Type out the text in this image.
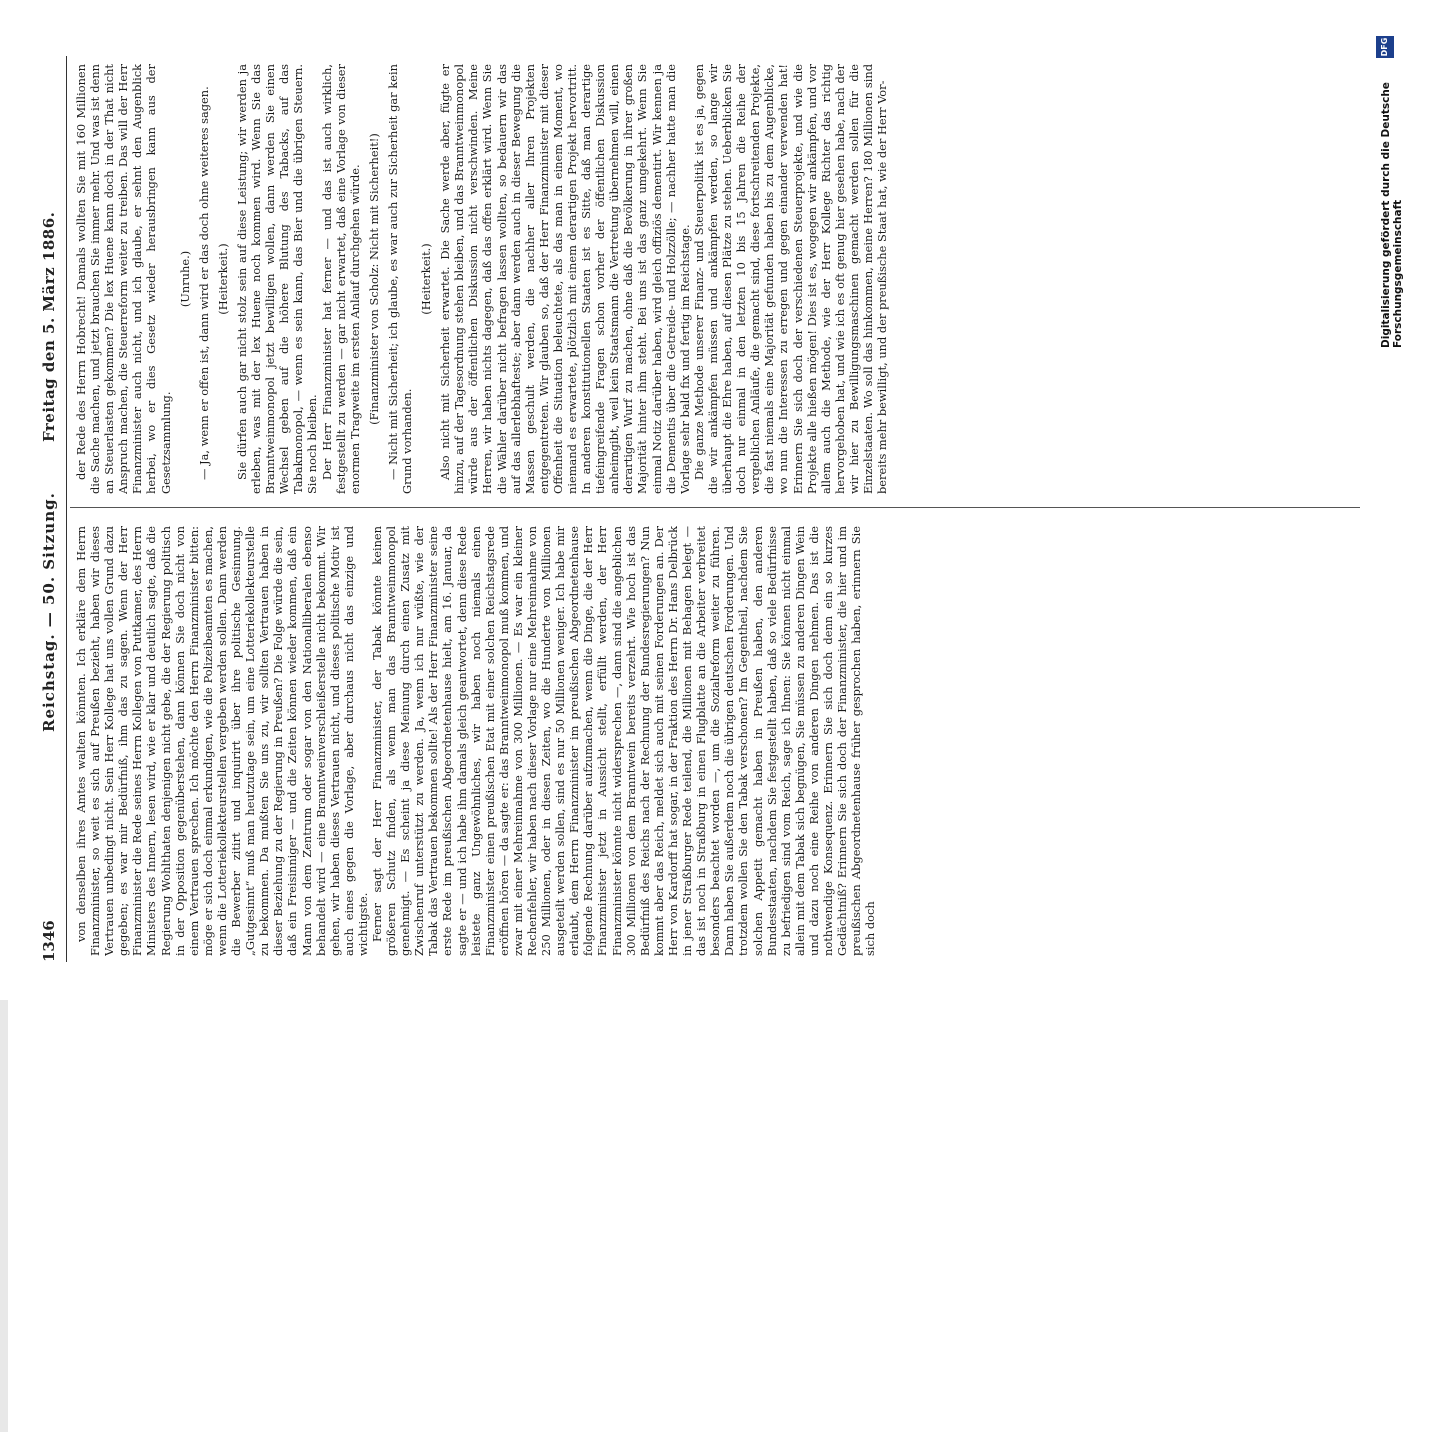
1346
Reichstag. — 50. Sitzung.
Freitag den 5. März 1886.

von denselben ihres Amtes walten könnten. Ich erkläre dem Herrn Finanzminister, so weit es sich auf Preußen bezieht, haben wir dieses Vertrauen unbedingt nicht. Sein Herr Kollege hat uns vollen Grund dazu gegeben; es war mir Bedürfniß, ihm das zu sagen. Wenn der Herr Finanzminister die Rede seines Herrn Kollegen von Puttkamer, des Herrn Ministers des Innern, lesen wird, wie er klar und deutlich sagte, daß die Regierung Wohlthaten denjenigen nicht gebe, die der Regierung politisch in der Opposition gegenüberstehen, dann können Sie doch nicht von einem Vertrauen sprechen. Ich möchte den Herrn Finanzminister bitten: möge er sich doch einmal erkundigen, wie die Polizeibeamten es machen, wenn die Lotteriekollekteurstellen vergeben werden sollen. Dann werden die Bewerber zitirt und inquirirt über ihre politische Gesinnung. „Gutgesinnt“ muß man heutzutage sein, um eine Lotteriekollekteurstelle zu bekommen. Da mußten Sie uns zu, wir sollten Vertrauen haben in dieser Beziehung zu der Regierung in Preußen? Die Folge würde die sein, daß ein Freisinniger — und die Zeiten können wieder kommen, daß ein Mann von dem Zentrum oder sogar von den Nationalliberalen ebenso behandelt wird — eine Branntweinverschleißerstelle nicht bekommt. Wir gehen, wir haben dieses Vertrauen nicht, und dieses politische Motiv ist auch eines gegen die Vorlage, aber durchaus nicht das einzige und wichtigste. Ferner sagt der Herr Finanzminister, der Tabak könnte keinen größeren Schutz finden, als wenn man das Branntweinmonopol genehmigt. — Es scheint ja diese Meinung durch einen Zusatz mit Zwischenruf unterstützt zu werden. Ja, wenn ich nur wüßte, wie der Tabak das Vertrauen bekommen sollte! Als der Herr Finanzminister seine erste Rede im preußischen Abgeordnetenhause hielt, am 16. Januar, da sagte er — und ich habe ihm damals gleich geantwortet, denn diese Rede leistete ganz Ungewöhnliches, wir haben noch niemals einen Finanzminister einen preußischen Etat mit einer solchen Reichstagsrede eröffnen hören — da sagte er: das Branntweinmonopol muß kommen, und zwar mit einer Mehreinnahme von 300 Millionen. — Es war ein kleiner Rechenfehler, wir haben nach dieser Vorlage nur eine Mehreinnahme von 250 Millionen, oder in diesen Zeiten, wo die Hunderte von Millionen ausgeteilt werden sollen, sind es nur 50 Millionen weniger. Ich habe mir erlaubt, dem Herrn Finanzminister im preußischen Abgeordnetenhause folgende Rechnung darüber aufzumachen, wenn die Dinge, die der Herr Finanzminister jetzt in Aussicht stellt, erfüllt werden, der Herr Finanzminister könnte nicht widersprechen —, dann sind die angeblichen 300 Millionen von dem Branntwein bereits verzehrt. Wie hoch ist das Bedürfniß des Reichs nach der Rechnung der Bundesregierungen? Nun kommt aber das Reich, meldet sich auch mit seinen Forderungen an. Der Herr von Kardorff hat sogar, in der Fraktion des Herrn Dr. Hans Delbrück in jener Straßburger Rede teilend, die Millionen mit Behagen belegt — das ist noch in Straßburg in einen Flugblatte an die Arbeiter verbreitet besonders beachtet worden —, um die Sozialreform weiter zu führen. Dann haben Sie außerdem noch die übrigen deutschen Forderungen. Und trotzdem wollen Sie den Tabak verschonen? Im Gegentheil, nachdem Sie solchen Appetit gemacht haben in Preußen haben, den anderen Bundesstaaten, nachdem Sie festgestellt haben, daß so viele Bedürfnisse zu befriedigen sind vom Reich, sage ich Ihnen: Sie können nicht einmal allein mit dem Tabak sich begnügen, Sie müssen zu anderen Dingen Wein und dazu noch eine Reihe von anderen Dingen nehmen. Das ist die nothwendige Konsequenz. Erinnern Sie sich doch denn ein so kurzes Gedächtniß? Erinnern Sie sich doch der Finanzminister, die hier und im preußischen Abgeordnetenhause früher gesprochen haben, erinnern Sie sich doch

der Rede des Herrn Hobrecht! Damals wollten Sie mit 160 Millionen die Sache machen, und jetzt brauchen Sie immer mehr. Und was ist denn an Steuerlasten gekommen? Die lex Huene kann doch in der That nicht Anspruch machen, die Steuerreform weiter zu treiben. Das will der Herr Finanzminister auch nicht, und ich glaube, er sehnt den Augenblick herbei, wo er dies Gesetz wieder herausbringen kann aus der Gesetzsammlung.

(Unruhe.) — Ja, wenn er offen ist, dann wird er das doch ohne weiteres sagen. (Heiterkeit.) Sie dürfen auch gar nicht stolz sein auf diese Leistung; wir werden ja erleben, was mit der lex Huene noch kommen wird. Wenn Sie das Branntweinmonopol jetzt bewilligen wollen, dann werden Sie einen Wechsel geben auf die höhere Blutung des Tabacks, auf das Tabakmonopol, — wenn es sein kann, das Bier und die übrigen Steuern. Sie noch bleiben. Der Herr Finanzminister hat ferner — und das ist auch wirklich, festgestellt zu werden — gar nicht erwartet, daß eine Vorlage von dieser enormen Tragweite im ersten Anlauf durchgehen würde. (Finanzminister von Scholz: Nicht mit Sicherheit!) — Nicht mit Sicherheit; ich glaube, es war auch zur Sicherheit gar kein Grund vorhanden.

(Heiterkeit.) Also nicht mit Sicherheit erwartet. Die Sache werde aber, fügte er hinzu, auf der Tagesordnung stehen bleiben, und das Branntweinmonopol würde aus der öffentlichen Diskussion nicht verschwinden. Meine Herren, wir haben nichts dagegen, daß das offen erklärt wird. Wenn Sie die Wähler darüber nicht befragen lassen wollten, so bedauern wir das auf das allerlebhafteste; aber dann werden auch in dieser Bewegung die Massen geschult werden, die nachher aller Ihren Projekten entgegentreten. Wir glauben so, daß der Herr Finanzminister mit dieser Offenheit die Situation beleuchtete, als das man in einem Moment, wo niemand es erwartete, plötzlich mit einem derartigen Projekt hervortritt. In anderen konstitutionellen Staaten ist es Sitte, daß man derartige tiefeingreifende Fragen schon vorher der öffentlichen Diskussion anheimgibt, weil kein Staatsmann die Vertretung übernehmen will, einen derartigen Wurf zu machen, ohne daß die Bevölkerung in ihrer großen Majorität hinter ihm steht. Bei uns ist das ganz umgekehrt. Wenn Sie einmal Notiz darüber haben, wird gleich offiziös dementirt. Wir kennen ja die Dementis über die Getreide- und Holzzölle; — nachher hatte man die Vorlage sehr bald fix und fertig im Reichstage. Die ganze Methode unserer Finanz- und Steuerpolitik ist es ja, gegen die wir ankämpfen müssen und ankämpfen werden, so lange wir überhaupt die Ehre haben, auf diesen Plätze zu stehen. Ueberblicken Sie doch nur einmal in den letzten 10 bis 15 Jahren die Reihe der vergeblichen Anläufe, die gemacht sind, diese fortschreitenden Projekte, die fast niemals eine Majorität gefunden haben bis zu dem Augenblicke, wo nun die Interessen zu erregen und gegen einander verwenden hat! Erinnern Sie sich doch der verschiedenen Steuerprojekte, und wie die Projekte alle hießen mögen! Dies ist es, wogegen wir ankämpfen, und vor allem auch die Methode, wie der Herr Kollege Richter das richtig hervorgehoben hat, und wie ich es oft genug hier gesehen habe, nach der wir hier zu Bewilligungsmaschinen gemacht werden sollen für die Einzelstaaten. Wo soll das hinkommen, meine Herren? 180 Millionen sind bereits mehr bewilligt, und der preußische Staat hat, wie der Herr Vor-	Digitalisierung gefördert durch die Deutsche Forschungsgemeinschaft
DFG
